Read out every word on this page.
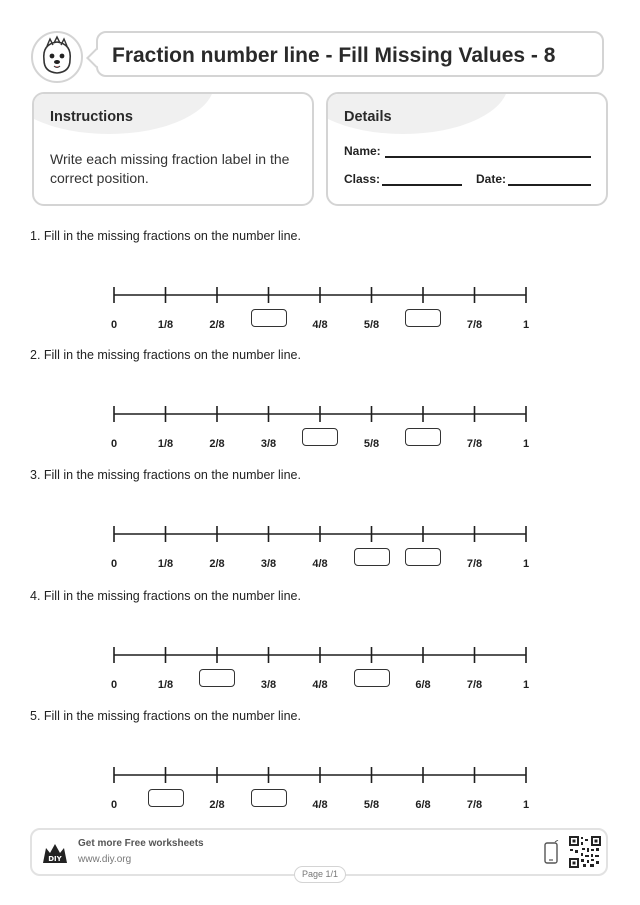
Fraction number line - Fill Missing Values - 8
Instructions
Write each missing fraction label in the correct position.
Details
Name:
Class:	Date:
1. Fill in the missing fractions on the number line.
0	1/8	2/8	4/8	5/8	7/8	1
2. Fill in the missing fractions on the number line.
0	1/8	2/8	3/8	5/8	7/8	1
3. Fill in the missing fractions on the number line.
0	1/8	2/8	3/8	4/8	7/8	1
4. Fill in the missing fractions on the number line.
0	1/8	3/8	4/8	6/8	7/8	1
5. Fill in the missing fractions on the number line.
0	2/8	4/8	5/8	6/8	7/8	1
DIY
Get more Free worksheets
www.diy.org
Page 1/1
